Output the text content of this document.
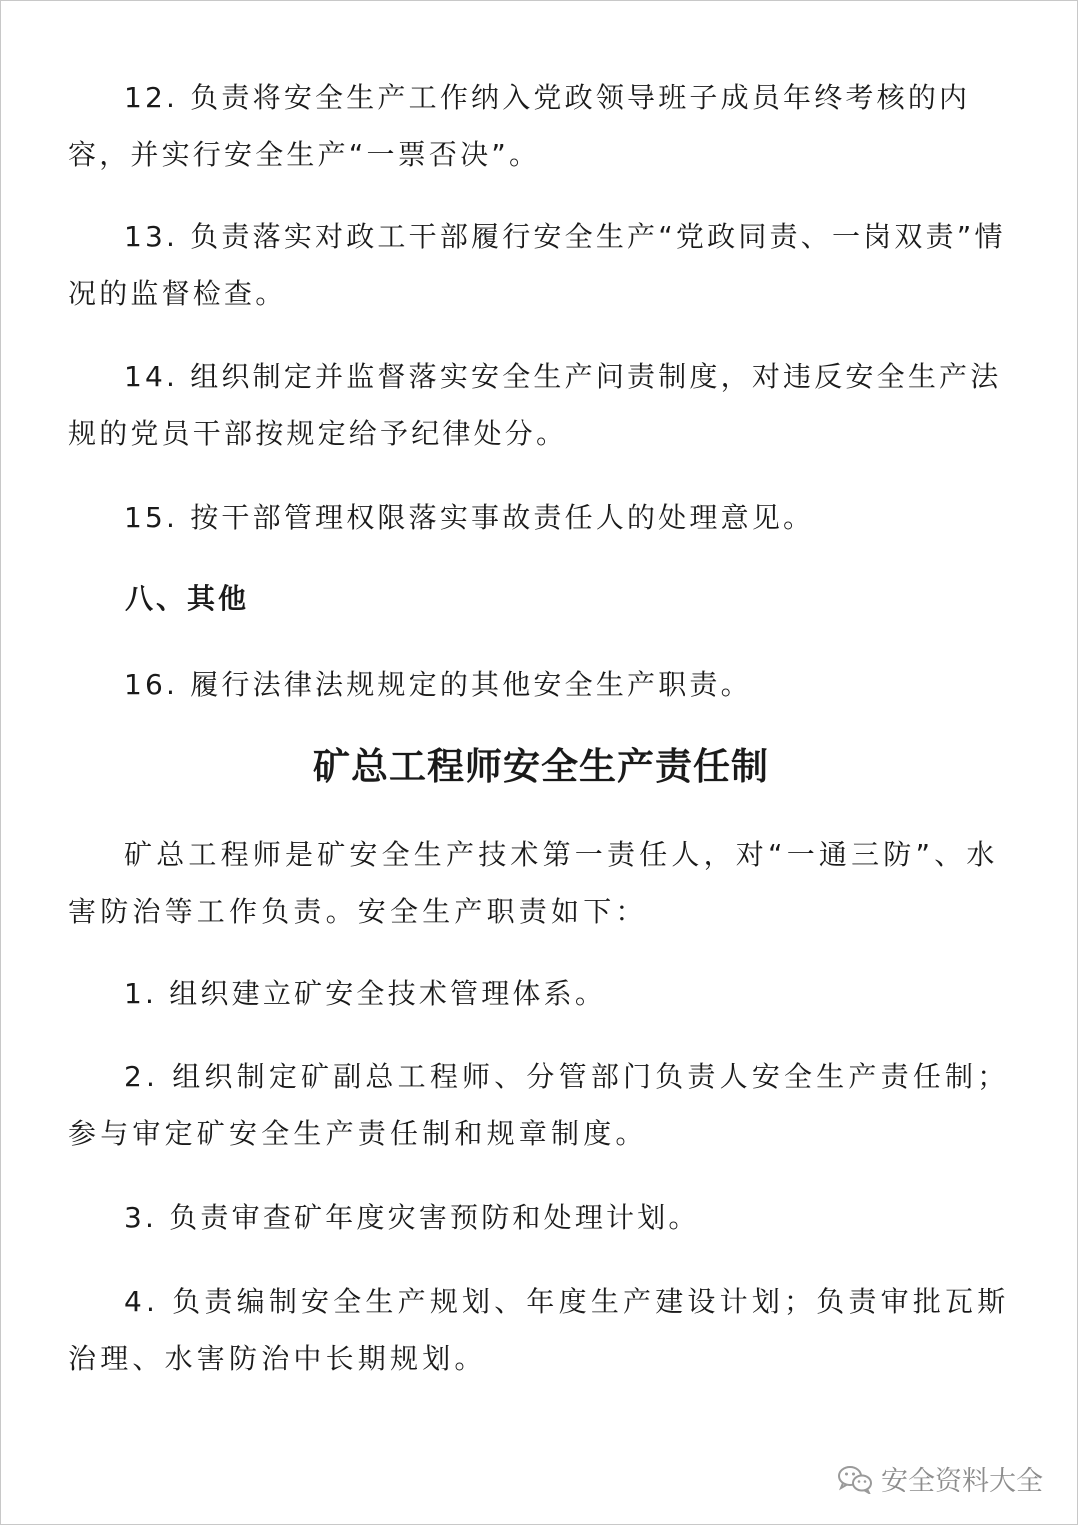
12. 负责将安全生产工作纳入党政领导班子成员年终考核的内容，并实行安全生产“一票否决”。

13. 负责落实对政工干部履行安全生产“党政同责、一岗双责”情况的监督检查。

14. 组织制定并监督落实安全生产问责制度，对违反安全生产法规的党员干部按规定给予纪律处分。

15. 按干部管理权限落实事故责任人的处理意见。

八、其他

16. 履行法律法规规定的其他安全生产职责。

矿总工程师安全生产责任制

矿总工程师是矿安全生产技术第一责任人，对“一通三防”、水害防治等工作负责。安全生产职责如下：

1. 组织建立矿安全技术管理体系。

2. 组织制定矿副总工程师、分管部门负责人安全生产责任制；参与审定矿安全生产责任制和规章制度。

3. 负责审查矿年度灾害预防和处理计划。

4. 负责编制安全生产规划、年度生产建设计划；负责审批瓦斯治理、水害防治中长期规划。

安全资料大全
